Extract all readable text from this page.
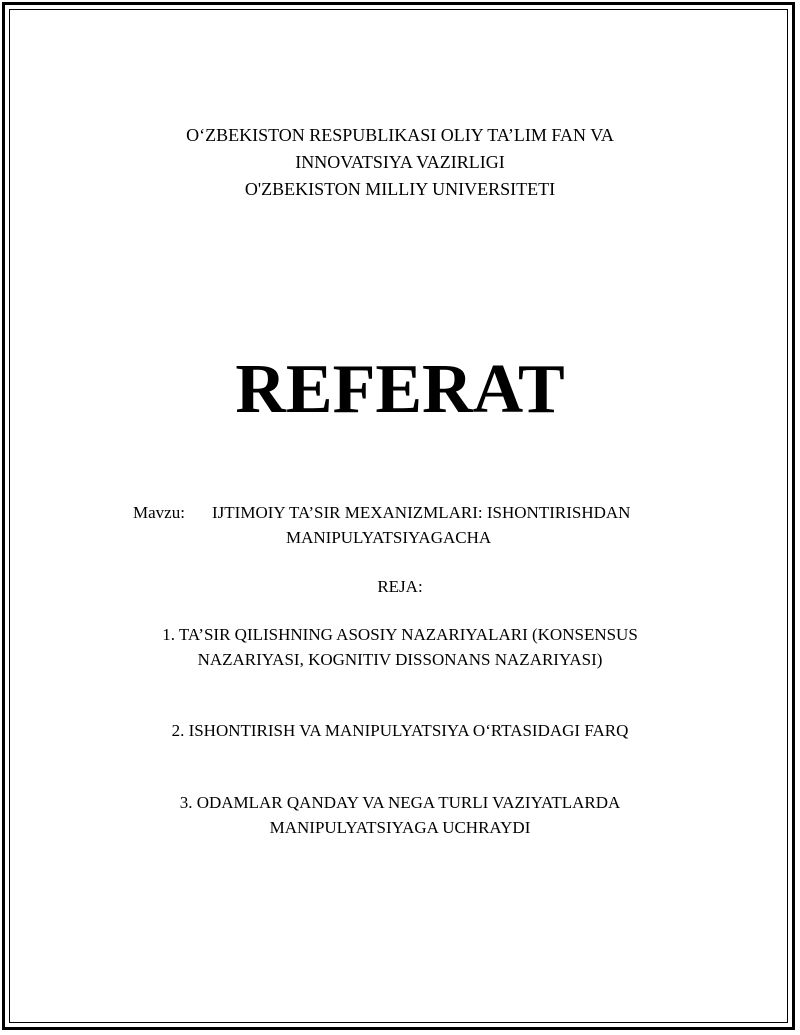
O‘ZBEKISTON RESPUBLIKASI OLIY TA’LIM FAN VA
INNOVATSIYA VAZIRLIGI
O'ZBEKISTON MILLIY UNIVERSITETI
REFERAT
Mavzu: IJTIMOIY TA’SIR MEXANIZMLARI: ISHONTIRISHDAN
MANIPULYATSIYAGACHA
REJA:
1. TA’SIR QILISHNING ASOSIY NAZARIYALARI (KONSENSUS
NAZARIYASI, KOGNITIV DISSONANS NAZARIYASI)
2. ISHONTIRISH VA MANIPULYATSIYA O‘RTASIDAGI FARQ
3. ODAMLAR QANDAY VA NEGA TURLI VAZIYATLARDA
MANIPULYATSIYAGA UCHRAYDI
